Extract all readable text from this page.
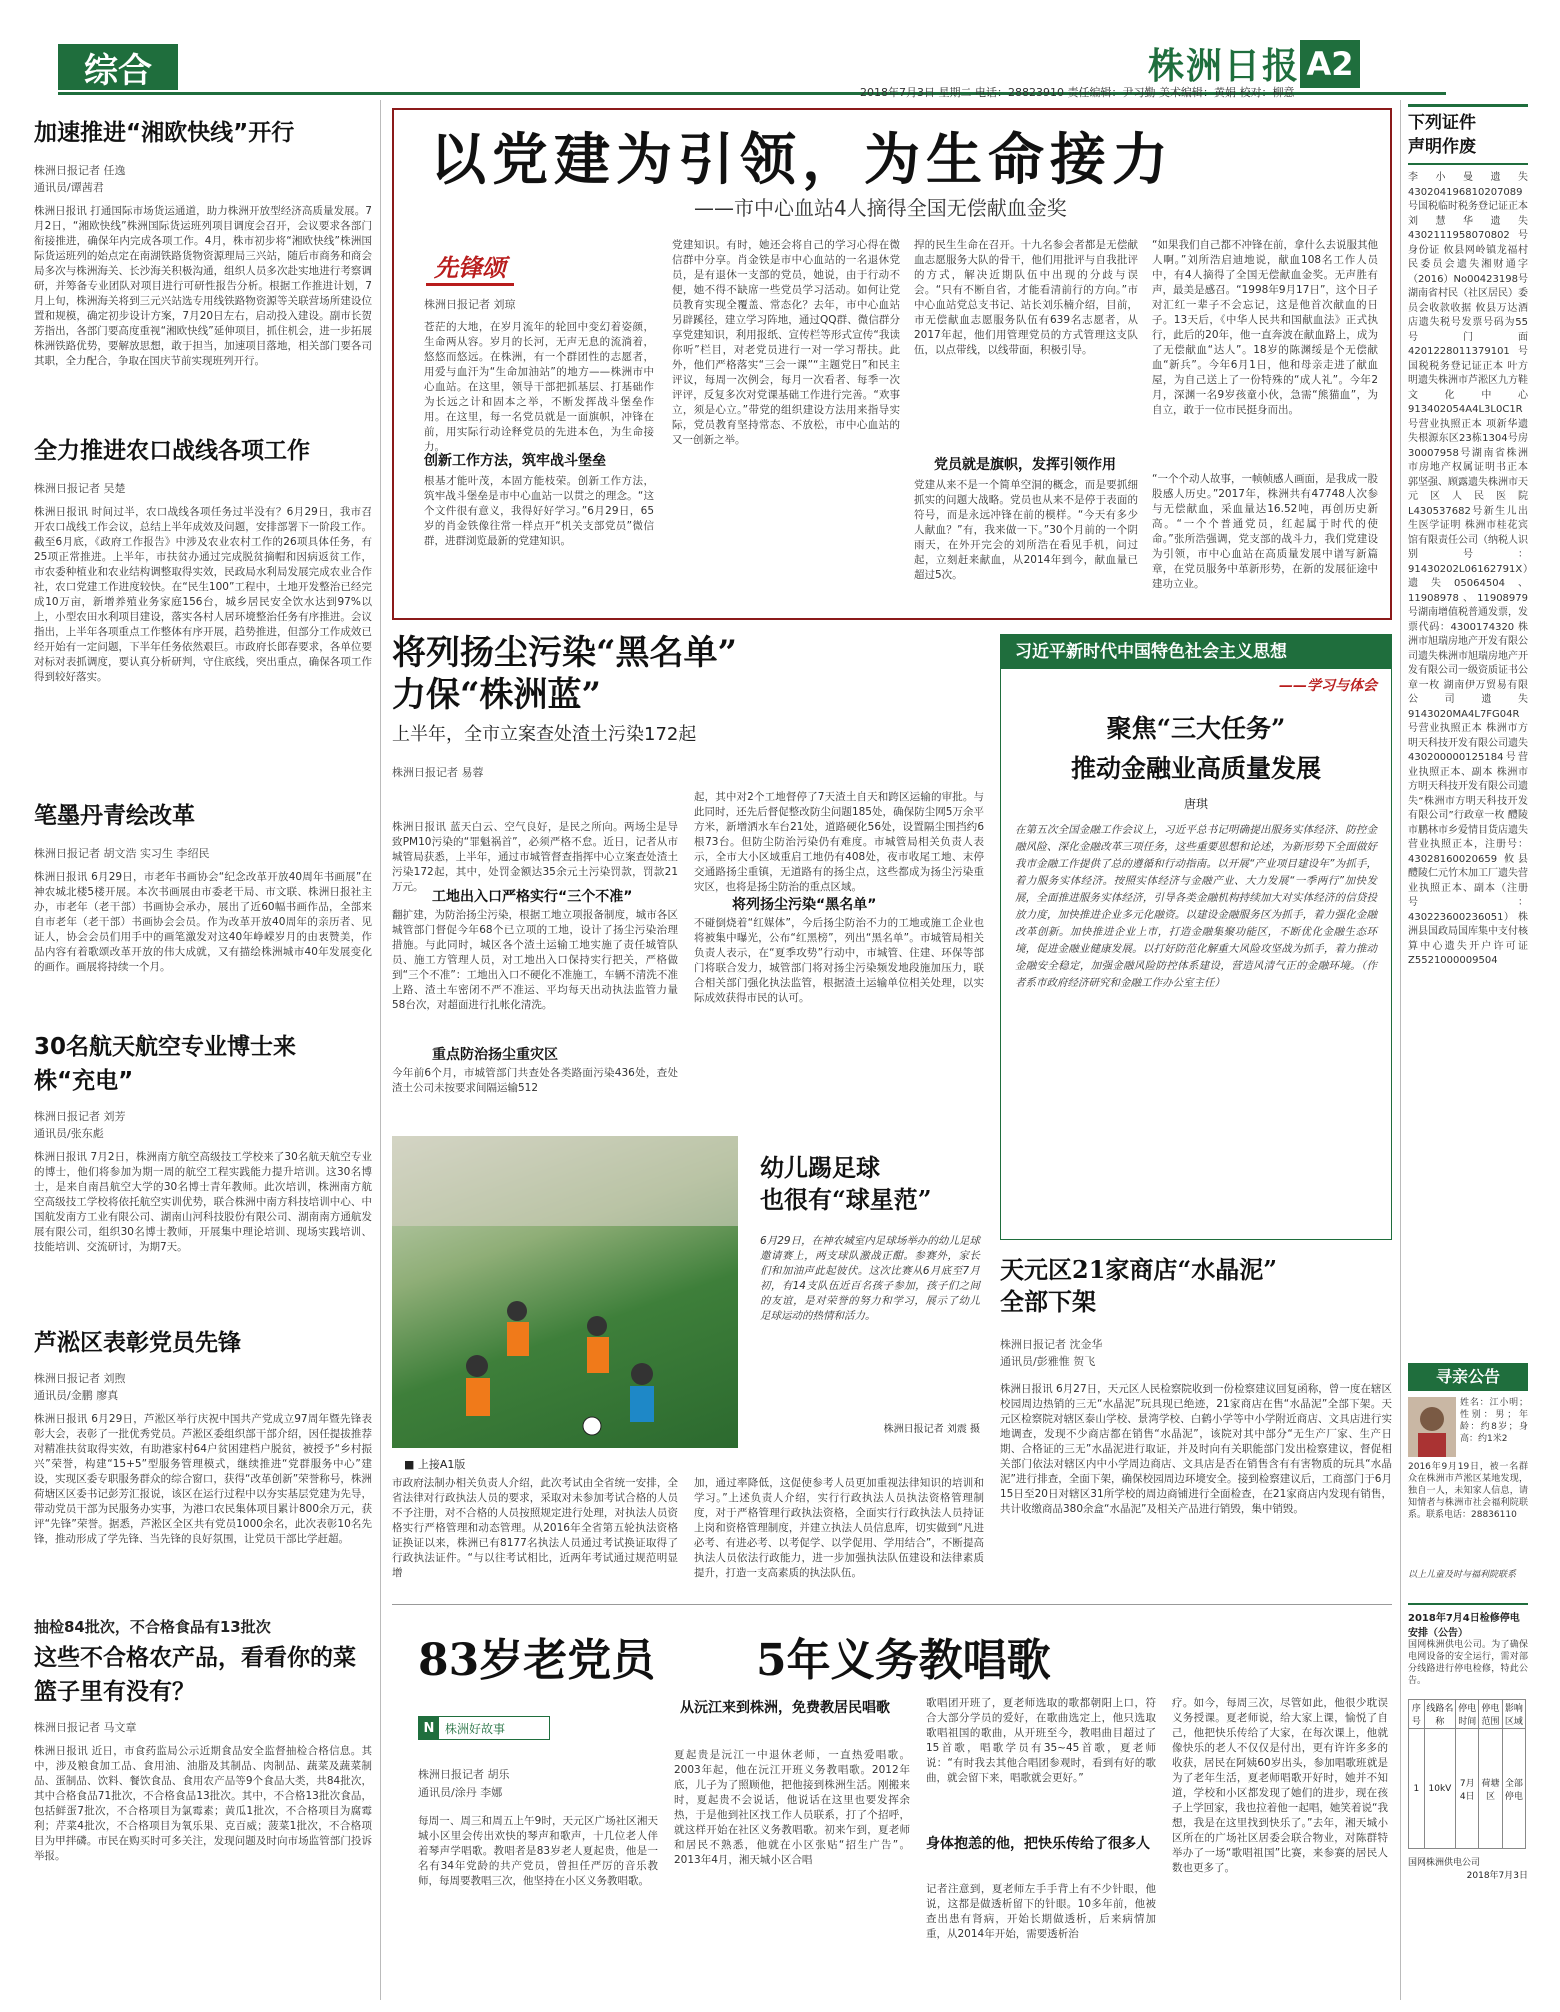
综合	株洲日报 A2
2018年7月3日 星期二 电话：28823910 责任编辑：尹习勤 美术编辑：黄娟 校对：柳意
加速推进“湘欧快线”开行
株洲日报记者 任逸
通讯员/谭茜君
株洲日报讯 打通国际市场货运通道，助力株洲开放型经济高质量发展。7月2日，“湘欧快线”株洲国际货运班列项目调度会召开，会议要求各部门衔接推进，确保年内完成各项工作。4月，株市初步将“湘欧快线”株洲国际货运班列的始点定在南湖铁路货物资源理局三兴站，随后市商务和商会局多次与株洲海关、长沙海关积极沟通，组织人员多次赴实地进行考察调研，并筹备专业团队对项目进行可研性报告分析。根据工作推进计划，7月上旬，株洲海关将到三元兴站选专用线铁路物资源等关联营场所建设位置和规模，确定初步设计方案，7月20日左右，启动投入建设。副市长贺芳指出，各部门要高度重视“湘欧快线”延伸项目，抓住机会，进一步拓展株洲铁路优势，要解放思想，敢于担当，加速项目落地，相关部门要各司其职，全力配合，争取在国庆节前实现班列开行。
全力推进农口战线各项工作
株洲日报记者 吴楚
株洲日报讯 时间过半，农口战线各项任务过半没有？6月29日，我市召开农口战线工作会议，总结上半年成效及问题，安排部署下一阶段工作。截至6月底，《政府工作报告》中涉及农业农村工作的26项具体任务，有25项正常推进。上半年，市扶贫办通过完成脱贫摘帽和因病返贫工作，市农委种植业和农业结构调整取得实效，民政局水利局发展完成农业合作社，农口党建工作进度较快。在“民生100”工程中，土地开发整治已经完成10万亩，新增养殖业务家庭156台，城乡居民安全饮水达到97%以上，小型农田水利项目建设，落实各村人居环境整治任务有序推进。会议指出，上半年各项重点工作整体有序开展，趋势推进，但部分工作成效已经开始有一定问题，下半年任务依然艰巨。市政府长郎春要求，各单位要对标对表抓调度，要认真分析研判，守住底线，突出重点，确保各项工作得到较好落实。
笔墨丹青绘改革
株洲日报记者 胡文浩 实习生 李绍民
株洲日报讯 6月29日，市老年书画协会“纪念改革开放40周年书画展”在神农城北楼5楼开展。本次书画展由市委老干局、市文联、株洲日报社主办，市老年（老干部）书画协会承办，展出了近60幅书画作品，全部来自市老年（老干部）书画协会会员。作为改革开放40周年的亲历者、见证人，协会会员们用手中的画笔激发对这40年峥嵘岁月的由衷赞美，作品内容有着歌颂改革开放的伟大成就，又有描绘株洲城市40年发展变化的画作。画展将持续一个月。
30名航天航空专业博士来株“充电”
株洲日报记者 刘芳
通讯员/张东彪
株洲日报讯 7月2日，株洲南方航空高级技工学校来了30名航天航空专业的博士，他们将参加为期一周的航空工程实践能力提升培训。这30名博士，是来自南昌航空大学的30名博士青年教师。此次培训，株洲南方航空高级技工学校将依托航空实训优势，联合株洲中南方科技培训中心、中国航发南方工业有限公司、湖南山河科技股份有限公司、湖南南方通航发展有限公司，组织30名博士教师，开展集中理论培训、现场实践培训、技能培训、交流研讨，为期7天。
芦淞区表彰党员先锋
株洲日报记者 刘煦
通讯员/金鹏 廖真
株洲日报讯 6月29日，芦淞区举行庆祝中国共产党成立97周年暨先锋表彰大会，表彰了一批优秀党员。芦淞区委组织部干部介绍，因任提拔推荐对精准扶贫取得实效，有助港家村64户贫困建档户脱贫，被授予“乡村振兴”荣誉，构建“15+5”型服务管理模式，继续推进“党群服务中心”建设，实现区委专职服务群众的综合窗口，获得“改革创新”荣誉称号，株洲荷塘区区委书记彭芳汇报说，该区在运行过程中以夯实基层党建为先导，带动党员干部为民服务办实事，为港口农民集体项目累计800余万元，获评“先锋”荣誉。据悉，芦淞区全区共有党员1000余名，此次表彰10名先锋，推动形成了学先锋、当先锋的良好氛围，让党员干部比学赶超。
抽检84批次，不合格食品有13批次
这些不合格农产品，看看你的菜篮子里有没有？
株洲日报记者 马文章
株洲日报讯 近日，市食药监局公示近期食品安全监督抽检合格信息。其中，涉及粮食加工品、食用油、油脂及其制品、肉制品、蔬菜及蔬菜制品、蛋制品、饮料、餐饮食品、食用农产品等9个食品大类，共84批次，其中合格食品71批次，不合格食品13批次。其中，不合格13批次食品，包括鲜蛋7批次，不合格项目为氯霉素；黄瓜1批次，不合格项目为腐霉利；芹菜4批次，不合格项目为氧乐果、克百威；菠菜1批次，不合格项目为甲拌磷。市民在购买时可多关注，发现问题及时向市场监管部门投诉举报。
以党建为引领，为生命接力
——市中心血站4人摘得全国无偿献血金奖
先锋颂
株洲日报记者 刘琼
苍茫的大地，在岁月流年的轮回中变幻着姿颜，生命两从容。岁月的长河，无声无息的流淌着，悠悠而悠远。在株洲，有一个群团性的志愿者，用爱与血汗为“生命加油站”的地方——株洲市中心血站。在这里，领导干部把抓基层、打基础作为长远之计和固本之举，不断发挥战斗堡垒作用。在这里，每一名党员就是一面旗帜，冲锋在前，用实际行动诠释党员的先进本色，为生命接力。
创新工作方法，筑牢战斗堡垒
根基才能叶茂，本固方能枝荣。创新工作方法，筑牢战斗堡垒是市中心血站一以贯之的理念。“这个文件很有意义，我得好好学习。”6月29日，65岁的肖金铁像往常一样点开“机关支部党员”微信群，进群浏览最新的党建知识。
党建知识。有时，她还会将自己的学习心得在微信群中分享。肖金铁是市中心血站的一名退休党员，是有退休一支部的党员，她说，由于行动不便，她不得不缺席一些党员学习活动。如何让党员教育实现全覆盖、常态化？去年，市中心血站另辟蹊径，建立学习阵地，通过QQ群、微信群分享党建知识，利用报纸、宣传栏等形式宣传“我读你听”栏目，对老党员进行一对一学习帮扶。此外，他们严格落实“三会一课”“主题党日”和民主评议，每周一次例会，每月一次看者、每季一次评评，反复多次对党课基础工作进行完善。“欢事立，须是心立。”带党的组织建设方法用来指导实际，党员教育坚持常态、不放松，市中心血站的又一创新之举。
捍的民生生命在召开。十九名参会者都是无偿献血志愿服务大队的骨干，他们用批评与自我批评的方式，解决近期队伍中出现的分歧与误会。“只有不断自省，才能看清前行的方向。”市中心血站党总支书记、站长刘乐楠介绍，目前，市无偿献血志愿服务队伍有639名志愿者，从2017年起，他们用管理党员的方式管理这支队伍，以点带线，以线带面，积极引导。
党员就是旗帜，发挥引领作用
党建从来不是一个简单空洞的概念，而是要抓细抓实的问题大战略。党员也从来不是停于表面的符号，而是永远冲锋在前的模样。“今天有多少人献血？”有，我来做一下。”30个月前的一个阴雨天，在外开完会的刘所浩在看见手机，问过起，立刻赶来献血，从2014年到今，献血量已超过5次。
“如果我们自己都不冲锋在前，拿什么去说服其他人啊。”刘所浩启迪地说，献血108名工作人员中，有4人摘得了全国无偿献血金奖。无声胜有声，最美是感召。“1998年9月17日”，这个日子对汇红一辈子不会忘记，这是他首次献血的日子。13天后，《中华人民共和国献血法》正式执行，此后的20年，他一直奔波在献血路上，成为了无偿献血“达人”。18岁的陈渊绥是个无偿献血“新兵”。今年6月1日，他和母亲走进了献血屋，为自己送上了一份特殊的“成人礼”。今年2月，深渊一名9岁孩童小伙，急需“熊猫血”，为自立，敢于一位市民挺身而出。
“一个个动人故事，一帧帧感人画面，是我成一股股感人历史。”2017年，株洲共有47748人次参与无偿献血，采血量达16.52吨，再创历史新高。“一个个普通党员，红起属于时代的使命。”张所浩强调，党支部的战斗力，我们党建设为引领，市中心血站在高质量发展中谱写新篇章，在党员服务中革新形势，在新的发展征途中建功立业。
将列扬尘污染“黑名单”
力保“株洲蓝”
上半年，全市立案查处渣土污染172起
株洲日报记者 易蓉
株洲日报讯 蓝天白云、空气良好，是民之所向。两场尘是导致PM10污染的“罪魁祸首”，必须严格不怠。近日，记者从市城管局获悉，上半年，通过市城管督查指挥中心立案查处渣土污染172起，其中，处罚金额达35余元土污染罚款，罚款21万元。
工地出入口严格实行“三个不准”
翻扩建，为防治扬尘污染，根据工地立项报备制度，城市各区城管部门督促今年68个已立项的工地，设计了扬尘污染治理措施。与此同时，城区各个渣土运输工地实施了责任城管队员、施工方管理人员，对工地出入口保持实行把关，严格做到“三个不准”：工地出入口不硬化不准施工，车辆不清洗不准上路、渣土车密闭不严不准运、平均每天出动执法监管力量58台次，对超面进行扎帐化清洗。
重点防治扬尘重灾区
今年前6个月，市城管部门共查处各类路面污染436处，查处渣土公司未按要求间隔运输512
起，其中对2个工地督停了7天渣土自天和跨区运输的审批。与此同时，还先后督促整改防尘问题185处，确保防尘网5万余平方米，新增洒水车台21处，道路硬化56处，设置隔尘围挡约6根73台。但防尘防治污染仍有难度。市城管局相关负责人表示，全市大小区域重启工地仍有408处，夜市收尾工地、末停交通路扬尘重镇，无道路有的扬尘点，这些都成为扬尘污染重灾区，也将是扬尘防治的重点区域。
将列扬尘污染“黑名单”
不碰倒烧着“红媒体”，今后扬尘防治不力的工地或施工企业也将被集中曝光，公布“红黑榜”，列出“黑名单”。市城管局相关负责人表示，在“夏季攻势”行动中，市城管、住建、环保等部门将联合发力，城管部门将对扬尘污染频发地段施加压力，联合相关部门强化执法监管，根据渣土运输单位相关处理，以实际成效获得市民的认可。
习近平新时代中国特色社会主义思想
——学习与体会
聚焦“三大任务”
推动金融业高质量发展
唐琪
在第五次全国金融工作会议上，习近平总书记明确提出服务实体经济、防控金融风险、深化金融改革三项任务，这些重要思想和论述，为新形势下全面做好我市金融工作提供了总的遵循和行动指南。以开展“产业项目建设年”为抓手，着力服务实体经济。按照实体经济与金融产业、大力发展“一季两行”加快发展，全面推进服务实体经济，引导各类金融机构持续加大对实体经济的信贷投放力度，加快推进企业多元化融资。以建设金融服务区为抓手，着力强化金融改革创新。加快推进企业上市，打造金融集聚功能区，不断优化金融生态环境，促进金融业健康发展。以打好防范化解重大风险攻坚战为抓手，着力推动金融安全稳定，加强金融风险防控体系建设，营造风清气正的金融环境。（作者系市政府经济研究和金融工作办公室主任）
幼儿踢足球
也很有“球星范”
6月29日，在神农城室内足球场举办的幼儿足球邀请赛上，两支球队激战正酣。参赛外，家长们和加油声此起彼伏。这次比赛从6月底至7月初，有14支队伍近百名孩子参加，孩子们之间的友谊，是对荣誉的努力和学习，展示了幼儿足球运动的热情和活力。
株洲日报记者 刘震 摄
■ 上接A1版
天元区21家商店“水晶泥”
全部下架
株洲日报记者 沈金华
通讯员/彭雅惟 贺飞
株洲日报讯 6月27日，天元区人民检察院收到一份检察建议回复函称，曾一度在辖区校园周边热销的三无“水晶泥”玩具现已绝迹，21家商店在售“水晶泥”全部下架。天元区检察院对辖区泰山学校、景湾学校、白鹤小学等中小学附近商店、文具店进行实地调查，发现不少商店都在销售“水晶泥”，该院对其中部分“无生产厂家、生产日期、合格证的三无”水晶泥进行取证，并及时向有关职能部门发出检察建议，督促相关部门依法对辖区内中小学周边商店、文具店是否在销售含有有害物质的玩具“水晶泥”进行排查，全面下架，确保校园周边环境安全。接到检察建议后，工商部门于6月15日至20日对辖区31所学校的周边商铺进行全面检查，在21家商店内发现有销售，共计收缴商品380余盒“水晶泥”及相关产品进行销毁，集中销毁。
市政府法制办相关负责人介绍，此次考试由全省统一安排，全省法律对行政执法人员的要求，采取对未参加考试合格的人员不予注册，对不合格的人员按照规定进行处理，对执法人员资格实行严格管理和动态管理。从2016年全省第五轮执法资格证换证以来，株洲已有8177名执法人员通过考试换证取得了行政执法证件。“与以往考试相比，近两年考试通过规范明显增
加，通过率降低，这促使参考人员更加重视法律知识的培训和学习。”上述负责人介绍，实行行政执法人员执法资格管理制度，对于严格管理行政执法资格，全面实行行政执法人员持证上岗和资格管理制度，并建立执法人员信息库，切实做到“凡进必考、有进必考、以考促学、以学促用、学用结合”，不断提高执法人员依法行政能力，进一步加强执法队伍建设和法律素质提升，打造一支高素质的执法队伍。
83岁老党员 5年义务教唱歌
N 株洲好故事
从沅江来到株洲，免费教居民唱歌
株洲日报记者 胡乐
通讯员/涂丹 李娜
每周一、周三和周五上午9时，天元区广场社区湘天城小区里会传出欢快的琴声和歌声，十几位老人伴着琴声学唱歌。教唱者是83岁老人夏起贵，他是一名有34年党龄的共产党员，曾担任严厉的音乐教师，每周要教唱三次，他坚持在小区义务教唱歌。
夏起贵是沅江一中退休老师，一直热爱唱歌。2003年起，他在沅江开班义务教唱歌。2012年底，儿子为了照顾他，把他接到株洲生活。刚搬来时，夏起贵不会说话，他说话在这里也要发挥余热，于是他到社区找工作人员联系，打了个招呼，就这样开始在社区义务教唱歌。初来乍到，夏老师和居民不熟悉，他就在小区张贴“招生广告”。2013年4月，湘天城小区合唱
歌唱团开班了，夏老师选取的歌都朝阳上口，符合大部分学员的爱好，在歌曲选定上，他只选取歌唱祖国的歌曲，从开班至今，教唱曲目超过了15首歌，唱歌学员有35~45首歌，夏老师说：“有时我去其他合唱团参观时，看到有好的歌曲，就会留下来，唱歌就会更好。”
身体抱恙的他，把快乐传给了很多人
记者注意到，夏老师左手手背上有不少针眼，他说，这都是做透析留下的针眼。10多年前，他被查出患有肾病，开始长期做透析，后来病情加重，从2014年开始，需要透析治
疗。如今，每周三次，尽管如此，他很少耽误义务授课。夏老师说，给大家上课，愉悦了自己，他把快乐传给了大家，在每次课上，他就像快乐的老人不仅仅是付出，更有许许多多的收获，居民在阿姨60岁出头，参加唱歌班就是为了老年生活，夏老师唱歌开好时，她并不知道，学校和小区都发现了她们的进步，现在孩子上学回家，我也拉着他一起唱，她笑着说“我想，我是在这里找到快乐了。”去年，湘天城小区所在的广场社区居委会联合物业，对陈群特举办了一场“歌唱祖国”比赛，来参赛的居民人数也更多了。
下列证件
声明作废
李小曼遗失430204196810207089号国税临时税务登记证正本 刘慧华遗失4302111958070802号身份证 攸县网岭镇龙福村民委员会遗失湘财通字（2016）No00423198号湖南省村民（社区居民）委员会收款收据 攸县万达酒店遗失税号发票号码为55号门面4201228011379101号国税税务登记证正本 叶方明遗失株洲市芦淞区九方鞋文化中心913402054A4L3L0C1R号营业执照正本 项新华遗失根源东区23栋1304号房30007958号湖南省株洲市房地产权属证明书正本 郭坚强、顾露遗失株洲市天元区人民医院L430537682号新生儿出生医学证明 株洲市桂花宾馆有限责任公司（纳税人识别号：91430202L06162791X）遗失05064504、11908978、11908979号湖南增值税普通发票，发票代码：4300174320 株洲市旭瑞房地产开发有限公司遗失株洲市旭瑞房地产开发有限公司一级资质证书公章一枚 湖南伊万贸易有限公司遗失9143020MA4L7FG04R号营业执照正本 株洲市方明天科技开发有限公司遗失430200000125184号营业执照正本、副本 株洲市方明天科技开发有限公司遗失“株洲市方明天科技开发有限公司”行政章一枚 醴陵市鹏林市乡爱情目货店遗失营业执照正本，注册号：43028160020659 攸县醴陵仁元竹木加工厂遗失营业执照正本、副本（注册号：430223600236051） 株洲县国政局国库集中支付核算中心遗失开户许可证Z5521000009504
寻亲公告
姓名：江小明；性别：男；年龄：约8岁；身高：约1米2
2016年9月19日，被一名群众在株洲市芦淞区某地发现，独自一人，未知家人信息，请知情者与株洲市社会福利院联系。联系电话：28836110
以上儿童及时与福利院联系
2018年7月4日检修停电安排（公告）
国网株洲供电公司。为了确保电网设备的安全运行，需对部分线路进行停电检修，特此公告。
序号	线路名称	停电时间	停电范围	影响区域
1	10kV	7月4日	荷塘区	全部停电
国网株洲供电公司
2018年7月3日
